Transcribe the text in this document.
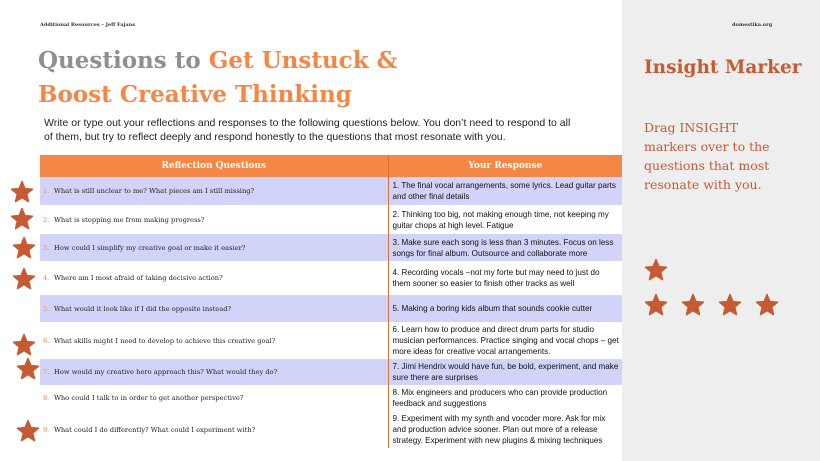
Additional Resources – Jeff Fajans	domestika.org
Questions to Get Unstuck &
Boost Creative Thinking
Write or type out your reflections and responses to the following questions below. You don’t need to respond to all of them, but try to reflect deeply and respond honestly to the questions that most resonate with you.
Reflection Questions	Your Response
1. What is still unclear to me? What pieces am I still missing?	1. The final vocal arrangements, some lyrics. Lead guitar parts and other final details
2. What is stopping me from making progress?	2. Thinking too big, not making enough time, not keeping my guitar chops at high level. Fatigue
3. How could I simplify my creative goal or make it easier?	3. Make sure each song is less than 3 minutes. Focus on less songs for final album. Outsource and collaborate more
4. Where am I most afraid of taking decisive action?	4. Recording vocals –not my forte but may need to just do them sooner so easier to finish other tracks as well
5. What would it look like if I did the opposite instead?	5. Making a boring kids album that sounds cookie cutter
6. What skills might I need to develop to achieve this creative goal?	6. Learn how to produce and direct drum parts for studio musician performances. Practice singing and vocal chops – get more ideas for creative vocal arrangements.
7. How would my creative hero approach this? What would they do?	7. Jimi Hendrix would have fun, be bold, experiment, and make sure there are surprises
8. Who could I talk to in order to get another perspective?	8. Mix engineers and producers who can provide production feedback and suggestions
9. What could I do differently? What could I experiment with?	9. Experiment with my synth and vocoder more. Ask for mix and production advice sooner. Plan out more of a release strategy. Experiment with new plugins & mixing techniques
Insight Marker
Drag INSIGHT markers over to the questions that most resonate with you.
